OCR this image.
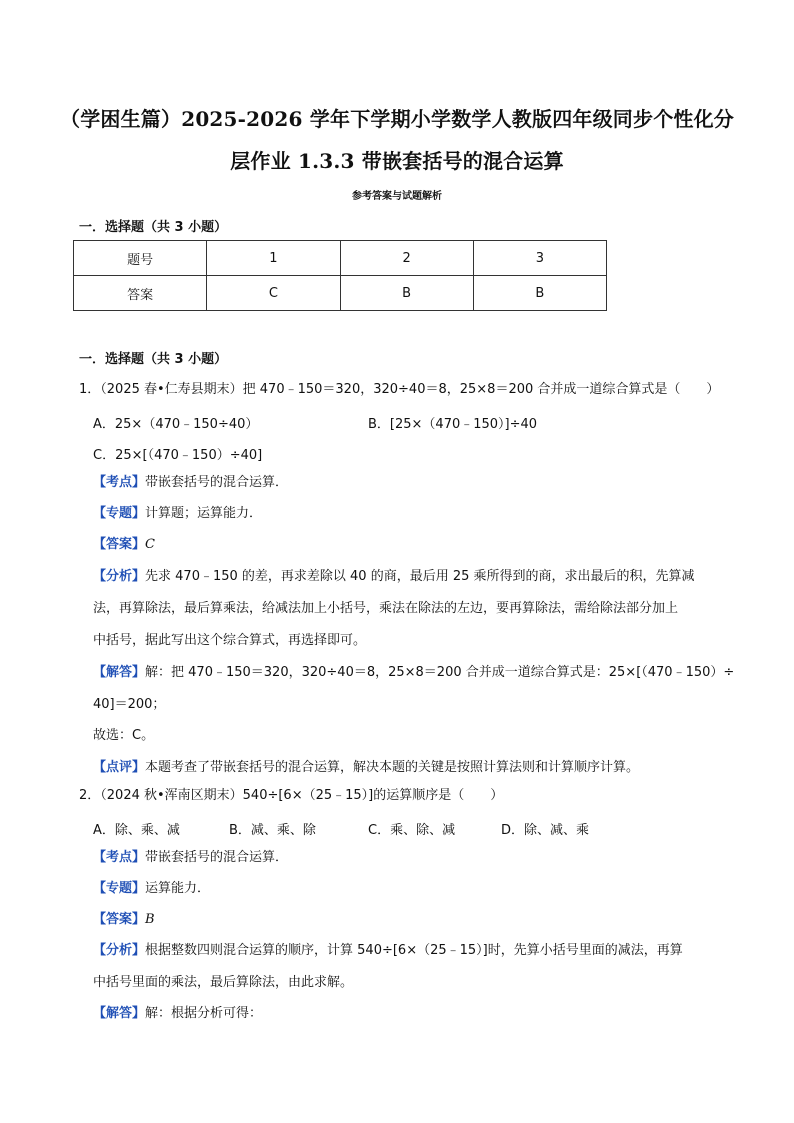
（学困生篇）2025-2026 学年下学期小学数学人教版四年级同步个性化分
层作业 1.3.3 带嵌套括号的混合运算
参考答案与试题解析
一．选择题（共 3 小题）
题号	1	2	3
答案	C	B	B
一．选择题（共 3 小题）
1．（2025 春•仁寿县期末）把 470﹣150＝320，320÷40＝8，25×8＝200 合并成一道综合算式是（　　）
A．25×（470﹣150÷40）	B．[25×（470﹣150）]÷40
C．25×[（470﹣150）÷40]
【考点】带嵌套括号的混合运算．
【专题】计算题；运算能力．
【答案】C
【分析】先求 470﹣150 的差，再求差除以 40 的商，最后用 25 乘所得到的商，求出最后的积，先算减
法，再算除法，最后算乘法，给减法加上小括号，乘法在除法的左边，要再算除法，需给除法部分加上
中括号，据此写出这个综合算式，再选择即可。
【解答】解：把 470﹣150＝320，320÷40＝8，25×8＝200 合并成一道综合算式是：25×[（470﹣150）÷
40]＝200；
故选：C。
【点评】本题考查了带嵌套括号的混合运算，解决本题的关键是按照计算法则和计算顺序计算。
2．（2024 秋•浑南区期末）540÷[6×（25﹣15）]的运算顺序是（　　）
A．除、乘、减	B．减、乘、除	C．乘、除、减	D．除、减、乘
【考点】带嵌套括号的混合运算．
【专题】运算能力．
【答案】B
【分析】根据整数四则混合运算的顺序，计算 540÷[6×（25﹣15）]时，先算小括号里面的减法，再算
中括号里面的乘法，最后算除法，由此求解。
【解答】解：根据分析可得：
